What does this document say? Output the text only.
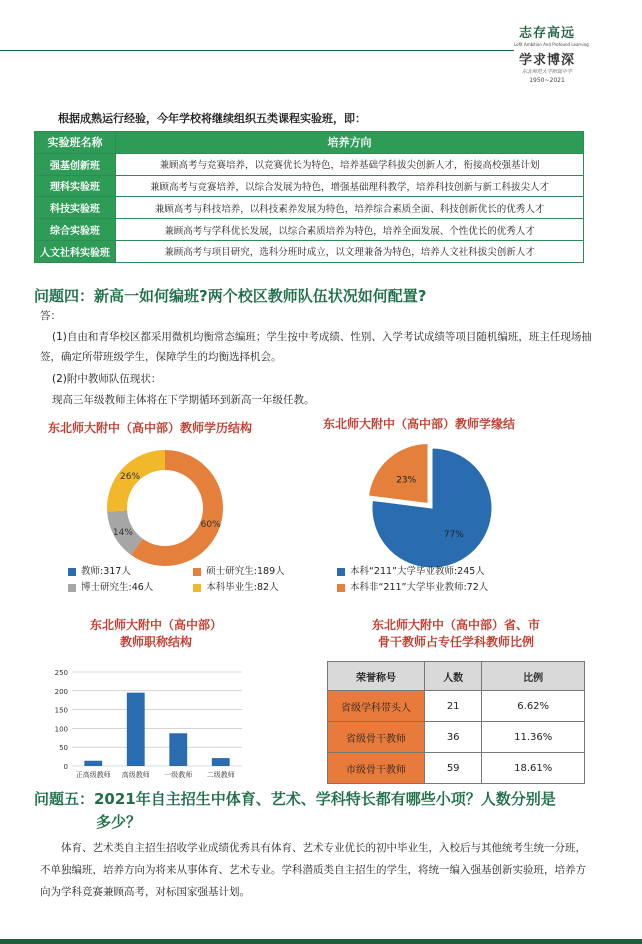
志存高远
Lofit Ambition And Profound Learning
学求博深
东北师范大学附属中学
1950~2021
根据成熟运行经验，今年学校将继续组织五类课程实验班，即：
实验班名称	培养方向
强基创新班	兼顾高考与竞赛培养，以竞赛优长为特色，培养基础学科拔尖创新人才，衔接高校强基计划
理科实验班	兼顾高考与竞赛培养，以综合发展为特色，增强基础理科教学，培养科技创新与新工科拔尖人才
科技实验班	兼顾高考与科技培养，以科技素养发展为特色，培养综合素质全面、科技创新优长的优秀人才
综合实验班	兼顾高考与学科优长发展，以综合素质培养为特色，培养全面发展、个性优长的优秀人才
人文社科实验班	兼顾高考与项目研究，选科分班时成立，以文理兼备为特色，培养人文社科拔尖创新人才
问题四：新高一如何编班?两个校区教师队伍状况如何配置?
答：
(1)自由和青华校区都采用微机均衡常态编班；学生按中考成绩、性别、入学考试成绩等项目随机编班，班主任现场抽签，确定所带班级学生，保障学生的均衡选择机会。
(2)附中教师队伍现状：
现高三年级教师主体将在下学期循环到新高一年级任教。
东北师大附中（高中部）教师学历结构
60%
14%
26%
教师:317人
博士研究生:46人
硕士研究生:189人
本科毕业生:82人
东北师大附中（高中部）教师学缘结
77%
23%
本科“211”大学毕业教师:245人
本科非“211”大学毕业教师:72人
东北师大附中（高中部）
教师职称结构
0
50
100
150
200
250
正高级教师 高级教师 一级教师 二级教师
东北师大附中（高中部）省、市
骨干教师占专任学科教师比例
荣誉称号	人数	比例
省级学科带头人	21	6.62%
省级骨干教师	36	11.36%
市级骨干教师	59	18.61%
问题五：2021年自主招生中体育、艺术、学科特长都有哪些小项？人数分别是
多少？
体育、艺术类自主招生招收学业成绩优秀具有体育、艺术专业优长的初中毕业生，入校后与其他统考生统一分班，不单独编班，培养方向为将来从事体育、艺术专业。学科潜质类自主招生的学生，将统一编入强基创新实验班，培养方向为学科竞赛兼顾高考，对标国家强基计划。
